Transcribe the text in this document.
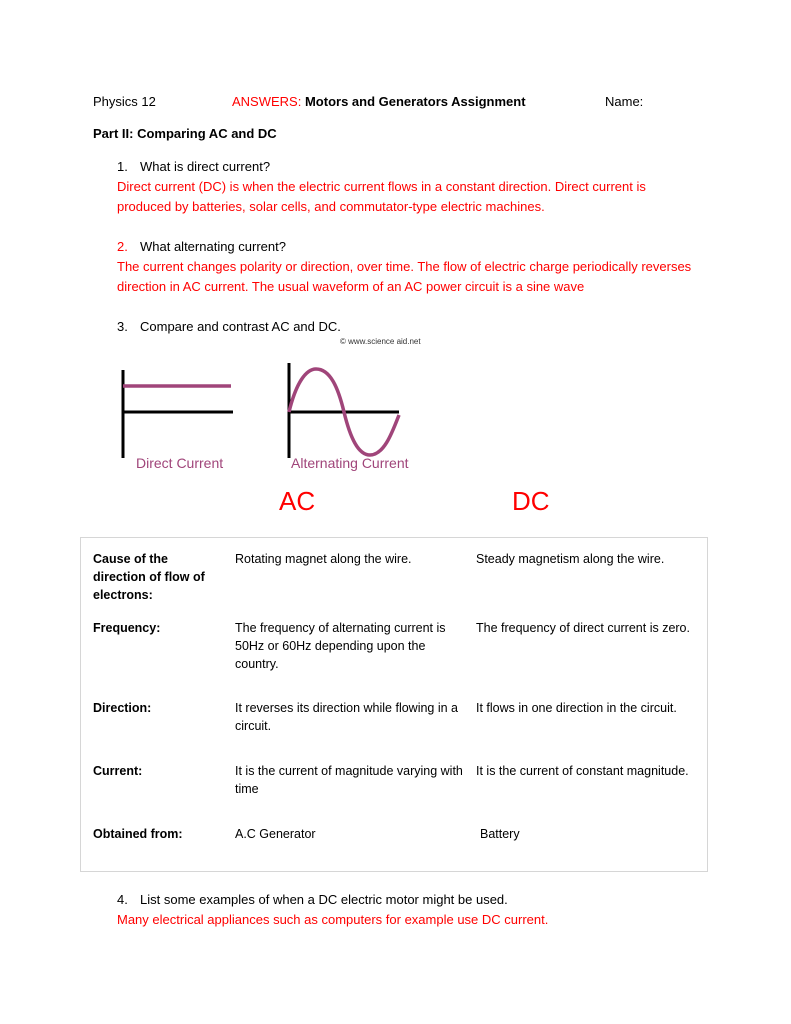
Physics 12	ANSWERS: Motors and Generators Assignment	Name:
Part II: Comparing AC and DC
1. What is direct current?
Direct current (DC) is when the electric current flows in a constant direction. Direct current is
produced by batteries, solar cells, and commutator-type electric machines.
2. What alternating current?
The current changes polarity or direction, over time. The flow of electric charge periodically reverses
direction in AC current. The usual waveform of an AC power circuit is a sine wave
3. Compare and contrast AC and DC.
© www.science aid.net
Direct Current	Alternating Current
AC	DC
Cause of the direction of flow of electrons:	Rotating magnet along the wire.	Steady magnetism along the wire.
Frequency:	The frequency of alternating current is 50Hz or 60Hz depending upon the country.	The frequency of direct current is zero.
Direction:	It reverses its direction while flowing in a circuit.	It flows in one direction in the circuit.
Current:	It is the current of magnitude varying with time	It is the current of constant magnitude.
Obtained from:	A.C Generator	Battery
4. List some examples of when a DC electric motor might be used.
Many electrical appliances such as computers for example use DC current.
